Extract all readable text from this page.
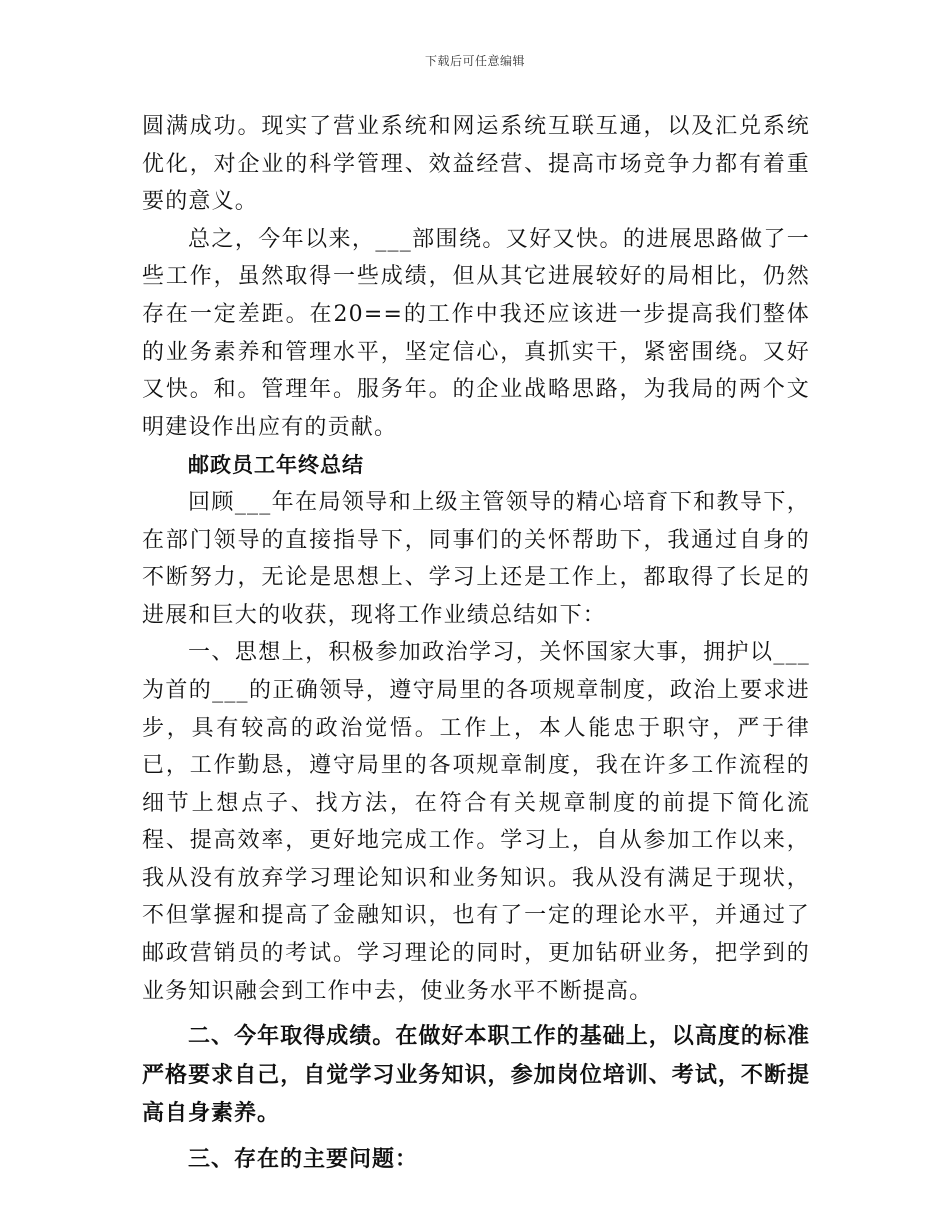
下载后可任意编辑

圆满成功。现实了营业系统和网运系统互联互通，以及汇兑系统优化，对企业的科学管理、效益经营、提高市场竞争力都有着重要的意义。

总之，今年以来，___部围绕。又好又快。的进展思路做了一些工作，虽然取得一些成绩，但从其它进展较好的局相比，仍然存在一定差距。在20==的工作中我还应该进一步提高我们整体的业务素养和管理水平，坚定信心，真抓实干，紧密围绕。又好又快。和。管理年。服务年。的企业战略思路，为我局的两个文明建设作出应有的贡献。

邮政员工年终总结

回顾___年在局领导和上级主管领导的精心培育下和教导下，在部门领导的直接指导下，同事们的关怀帮助下，我通过自身的不断努力，无论是思想上、学习上还是工作上，都取得了长足的进展和巨大的收获，现将工作业绩总结如下：

一、思想上，积极参加政治学习，关怀国家大事，拥护以___为首的___的正确领导，遵守局里的各项规章制度，政治上要求进步，具有较高的政治觉悟。工作上，本人能忠于职守，严于律已，工作勤恳，遵守局里的各项规章制度，我在许多工作流程的细节上想点子、找方法，在符合有关规章制度的前提下简化流程、提高效率，更好地完成工作。学习上，自从参加工作以来，我从没有放弃学习理论知识和业务知识。我从没有满足于现状，不但掌握和提高了金融知识，也有了一定的理论水平，并通过了邮政营销员的考试。学习理论的同时，更加钻研业务，把学到的业务知识融会到工作中去，使业务水平不断提高。

二、今年取得成绩。在做好本职工作的基础上，以高度的标准严格要求自己，自觉学习业务知识，参加岗位培训、考试，不断提高自身素养。

三、存在的主要问题：
